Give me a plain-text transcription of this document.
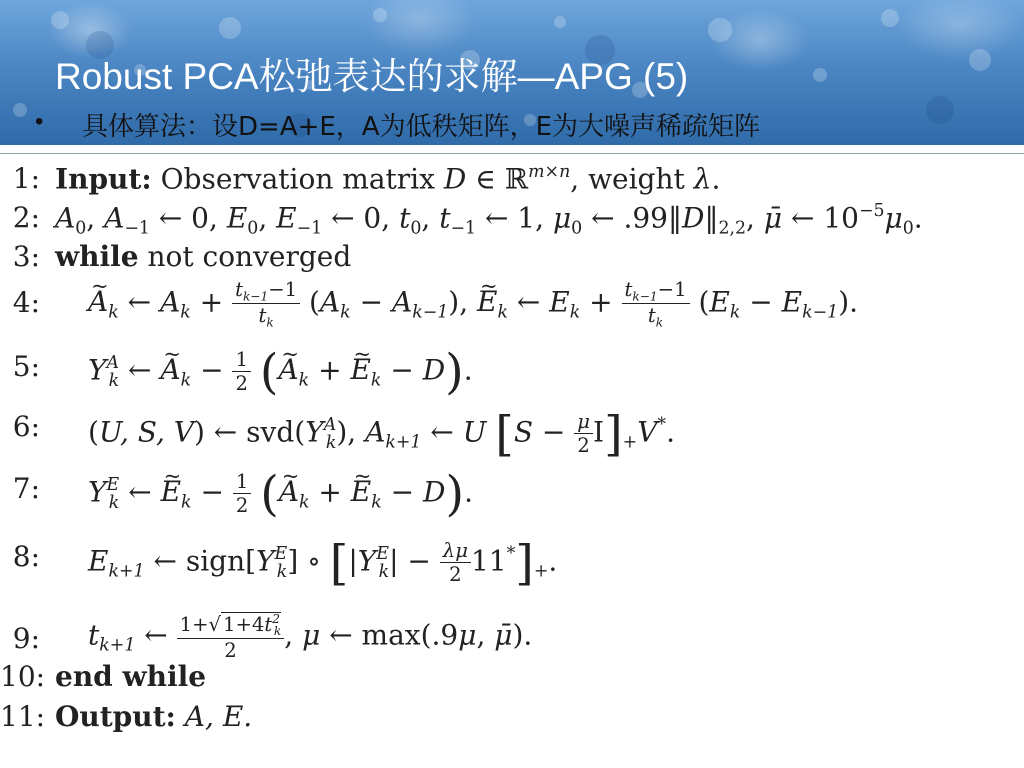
Robust PCA松弛表达的求解—APG (5)
• 具体算法：设D=A+E，A为低秩矩阵，E为大噪声稀疏矩阵
1: Input: Observation matrix D ∈ ℝ$^{m\times n}$, weight λ.
2: $A_0$, $A_{-1}$ ← 0, $E_0$, $E_{-1}$ ← 0, $t_0$, $t_{-1}$ ← 1, $\mu_0$ ← $.99‖D‖_{2,2}$, μ̄ ← $10^{-5}\mu_0$.
3: while not converged
4:
~ $A_k$ ← $A_k + \frac{t_{k-1}-1}{t_k} (A_k - A_{k-1})$, ~ $E_k$ ← $E_k + \frac{t_{k-1}-1}{t_k} (E_k - E_{k-1})$.
5: $Y^A_k$ ← ~ $A_k - \frac{1}{2}$ (~ $A_k$ + ~ $E_k - D$).
6: (U, S, V) ← $svd(Y^A_k)$, $A_{k+1}$ ← U $[S - \frac{\mu}{2} I]_+V^*$.
7: $Y^E_k$ ← ~ $E_k - \frac{1}{2}$ (~ $A_k$ + ~ $E_k - D$).
8: $E_{k+1}$ ← $sign[Y^E_k]$ ∘ $[|Y^E_k| - \frac{\lambda\mu}{2} 11^*]_+$.
9: $t_{k+1}$ ← $\frac{1+√ 1+4t^2_k}{2}$ , μ ← max(.9μ, μ̄).
10: end while
11: Output: A, E.
